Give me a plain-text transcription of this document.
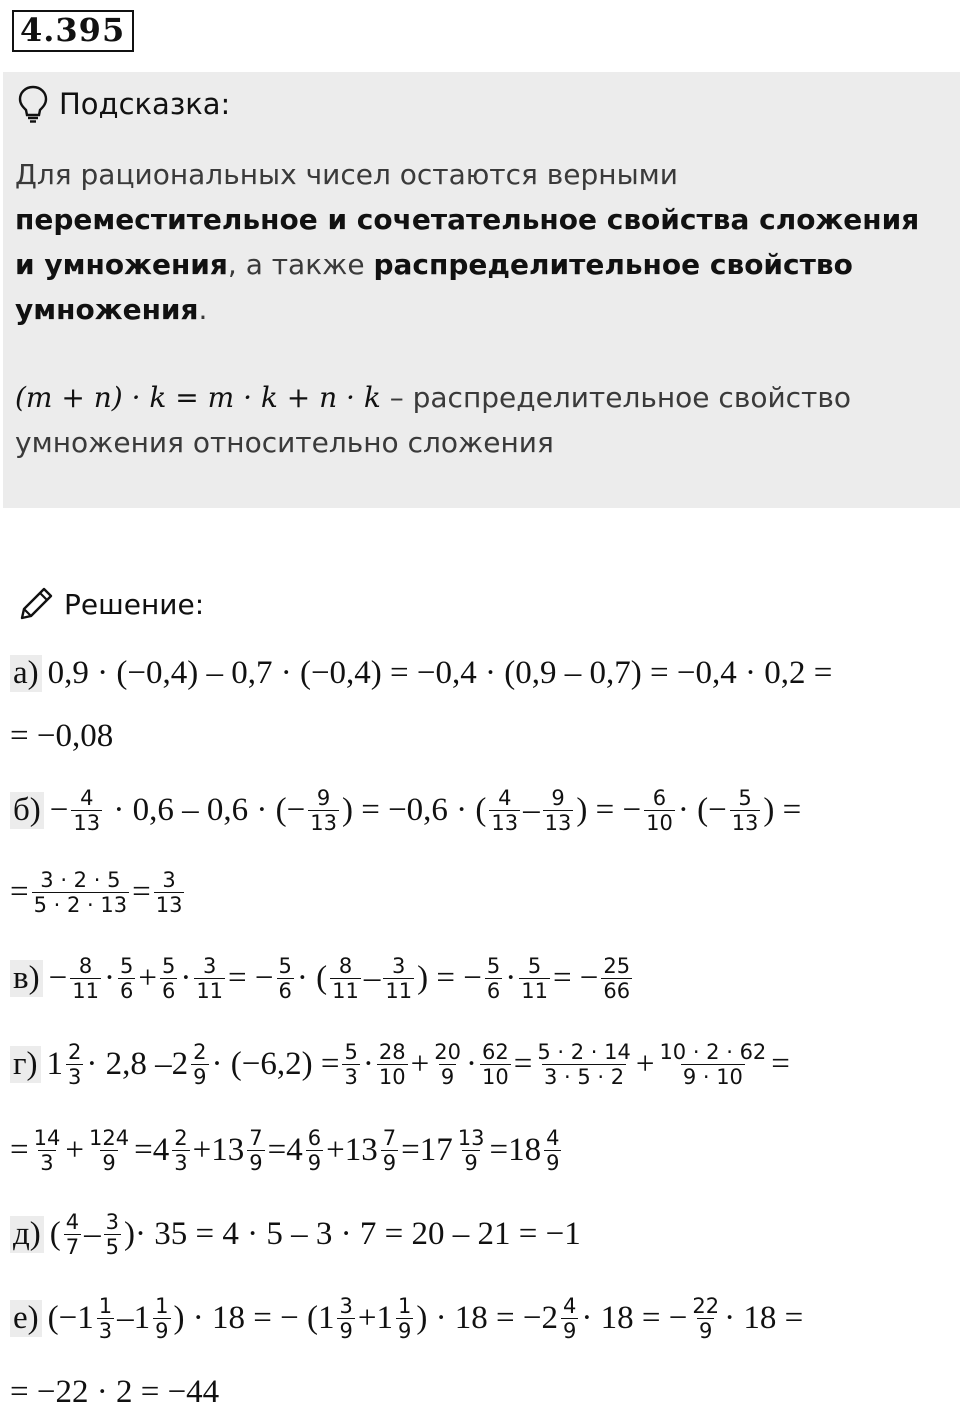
4.395
Подсказка:
Для рациональных чисел остаются верными переместительное и сочетательное свойства сложения и умножения, а также распределительное свойство умножения.
(m + n) · k = m · k + n · k – распределительное свойство умножения относительно сложения
Решение:
а) 0,9 · (−0,4) – 0,7 · (−0,4) = −0,4 · (0,9 – 0,7) = −0,4 · 0,2 =
= −0,08
$б) - \frac{4}{13} \cdot 0,6 - 0,6$ · (− $\frac{9}{13}$ ) = −0,6 · ( 4
13 – 9
13 ) = − $\frac{6}{10}$ · (− $\frac{5}{13}$ ) =
= $\frac{3 \cdot 2 \cdot 5}{5 \cdot 2 \cdot 13} = \frac{3}{13}$
$в) - \frac{8}{11} \cdot 5$
$6 + \frac{5}{6} \cdot \frac{3}{11}$ = − $\frac{5}{6}$ · ( 8
11 – 3
11 ) = − $\frac{5}{6} \cdot \frac{5}{11}$ = − $\frac{25}{66}$
г) 1 2
3 · 2,8 – 2 2
$9 \cdot (-6,2) = \frac{5}{3} \cdot 28$
$10 + \frac{20}{9} \cdot \frac{62}{10} = \frac{5 \cdot 2 \cdot 14}{3 \cdot 5 \cdot 2} + \frac{10 \cdot 2 \cdot 62}{9 \cdot 10}$ =
= $\frac{14}{3} + \frac{124}{9} = 4$ 2
3 + 13 7
9 = 4 6
9 + 13 7
9 = 17 13
9 = 18 4
9
д) ( 4
7 – 3
5 ) · 35 = 4 · 5 – 3 · 7 = 20 – 21 = −1
е) (− 1 1
3 – 1 1
9 ) · 18 = − ( 1 3
9 + 1 1
9 ) · 18 = − 2 4
9 · 18 = − $\frac{22}{9} \cdot 18$ =
= −22 · 2 = −44
